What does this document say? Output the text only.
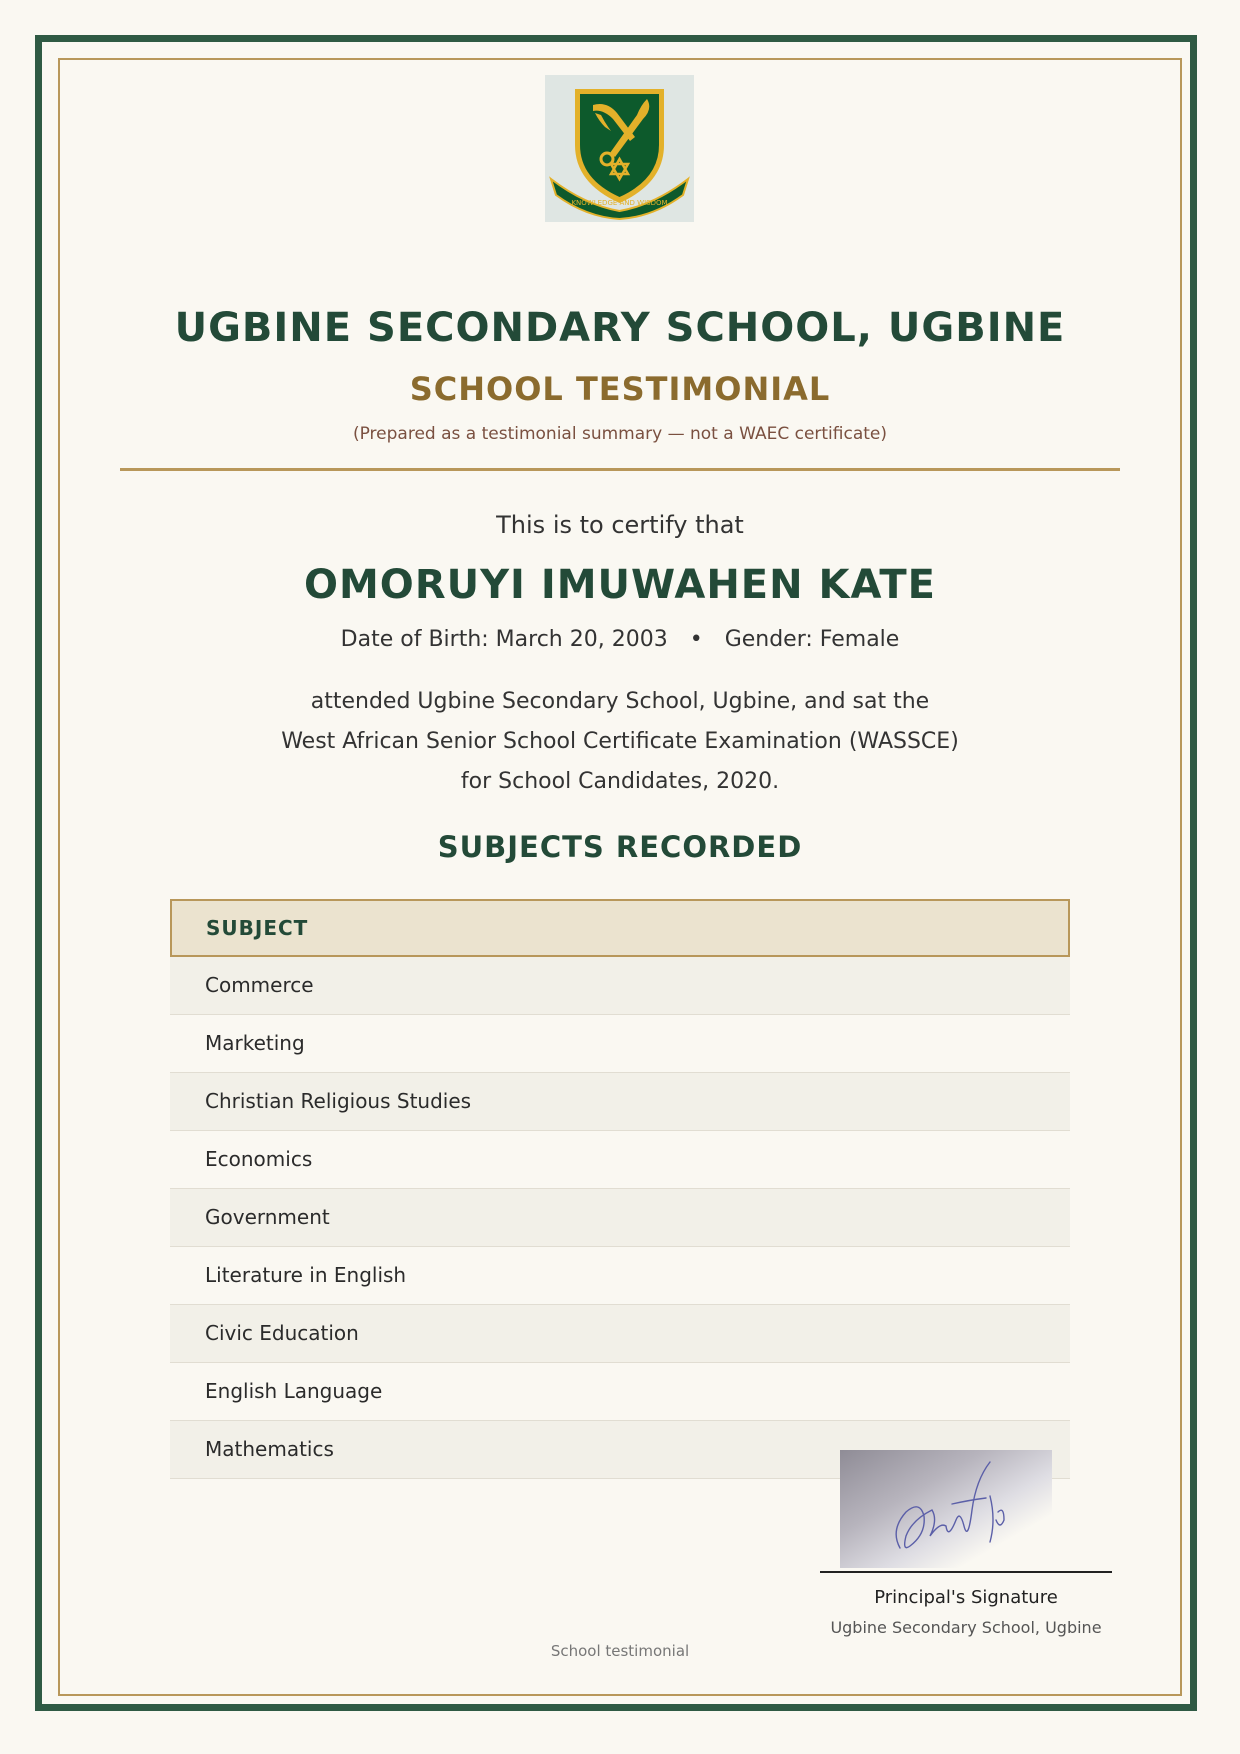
KNOWLEDGE AND WISDOM
UGBINE SECONDARY SCHOOL, UGBINE
SCHOOL TESTIMONIAL
(Prepared as a testimonial summary — not a WAEC certificate)
This is to certify that
OMORUYI IMUWAHEN KATE
Date of Birth: March 20, 2003 • Gender: Female
attended Ugbine Secondary School, Ugbine, and sat the
West African Senior School Certificate Examination (WASSCE)
for School Candidates, 2020.
SUBJECTS RECORDED
SUBJECT
Commerce
Marketing
Christian Religious Studies
Economics
Government
Literature in English
Civic Education
English Language
Mathematics
Principal's Signature
Ugbine Secondary School, Ugbine
School testimonial
